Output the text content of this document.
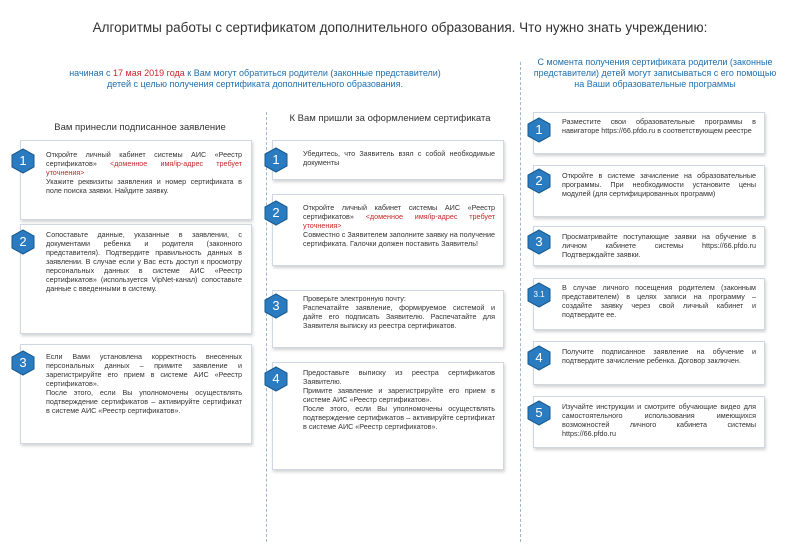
Алгоритмы работы с сертификатом дополнительного образования. Что нужно знать учреждению:
начиная с 17 мая 2019 года к Вам могут обратиться родители (законные представители)
детей с целью получения сертификата дополнительного образования.
С момента получения сертификата родители (законные представители) детей могут записываться с его помощью на Ваши образовательные программы
Вам принесли подписанное заявление
К Вам пришли за оформлением сертификата
1	Откройте личный кабинет системы АИС «Реестр сертификатов» <доменное имя/ip-адрес требует уточнения>
Укажите реквизиты заявления и номер сертификата в поле поиска заявки. Найдите заявку.
2	Сопоставьте данные, указанные в заявлении, с документами ребенка и родителя (законного представителя). Подтвердите правильность данных в заявлении. В случае если у Вас есть доступ к просмотру персональных данных в системе АИС «Реестр сертификатов» (используется VipNet-канал) сопоставьте данные с введенными в систему.
3	Если Вами установлена корректность внесенных персональных данных – примите заявление и зарегистрируйте его прием в системе АИС «Реестр сертификатов».
После этого, если Вы уполномочены осуществлять подтверждение сертификатов – активируйте сертификат в системе АИС «Реестр сертификатов».
1	Убедитесь, что Заявитель взял с собой необходимые документы
2	Откройте личный кабинет системы АИС «Реестр сертификатов» <доменное имя/ip-адрес требует уточнения>
Совместно с Заявителем заполните заявку на получение сертификата. Галочки должен поставить Заявитель!
3	Проверьте электронную почту:
Распечатайте заявление, формируемое системой и дайте его подписать Заявителю. Распечатайте для Заявителя выписку из реестра сертификатов.
4	Предоставьте выписку из реестра сертификатов Заявителю.
Примите заявление и зарегистрируйте его прием в системе АИС «Реестр сертификатов».
После этого, если Вы уполномочены осуществлять подтверждение сертификатов – активируйте сертификат в системе АИС «Реестр сертификатов».
1
Разместите свои образовательные программы в навигаторе https://66.pfdo.ru в соответствующем реестре
2	Откройте в системе зачисление на образовательные программы. При необходимости установите цены модулей (для сертифицированных программ)
3	Просматривайте поступающие заявки на обучение в личном кабинете системы https://66.pfdo.ru Подтверждайте заявки.
3.1
В случае личного посещения родителем (законным представителем) в целях записи на программу – создайте заявку через свой личный кабинет и подтвердите ее.
4	Получите подписанное заявление на обучение и подтвердите зачисление ребенка. Договор заключен.
5	Изучайте инструкции и смотрите обучающие видео для самостоятельного использования имеющихся возможностей личного кабинета системы https://66.pfdo.ru
